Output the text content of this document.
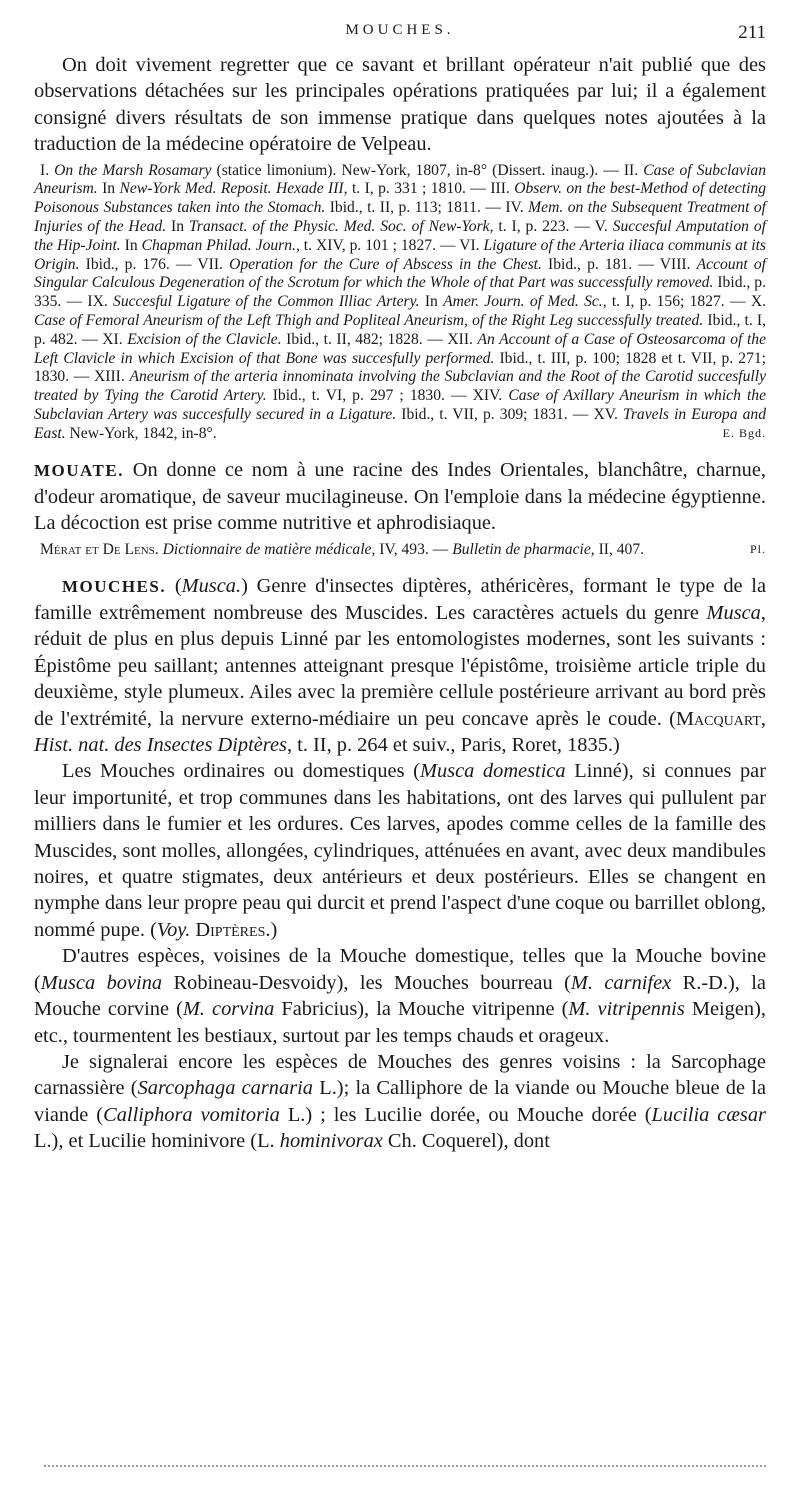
MOUCHES.	211

On doit vivement regretter que ce savant et brillant opérateur n'ait publié que des observations détachées sur les principales opérations pratiquées par lui; il a également consigné divers résultats de son immense pratique dans quelques notes ajoutées à la traduction de la médecine opératoire de Velpeau.

I. On the Marsh Rosamary (statice limonium). New-York, 1807, in-8° (Dissert. inaug.). — II. Case of Subclavian Aneurism. In New-York Med. Reposit. Hexade III, t. I, p. 331 ; 1810. — III. Observ. on the best-Method of detecting Poisonous Substances taken into the Stomach. Ibid., t. II, p. 113; 1811. — IV. Mem. on the Subsequent Treatment of Injuries of the Head. In Transact. of the Physic. Med. Soc. of New-York, t. I, p. 223. — V. Succesful Amputation of the Hip-Joint. In Chapman Philad. Journ., t. XIV, p. 101 ; 1827. — VI. Ligature of the Arteria iliaca communis at its Origin. Ibid., p. 176. — VII. Operation for the Cure of Abscess in the Chest. Ibid., p. 181. — VIII. Account of Singular Calculous Degeneration of the Scrotum for which the Whole of that Part was successfully removed. Ibid., p. 335. — IX. Succesful Ligature of the Common Illiac Artery. In Amer. Journ. of Med. Sc., t. I, p. 156; 1827. — X. Case of Femoral Aneurism of the Left Thigh and Popliteal Aneurism, of the Right Leg successfully treated. Ibid., t. I, p. 482. — XI. Excision of the Clavicle. Ibid., t. II, 482; 1828. — XII. An Account of a Case of Osteosarcoma of the Left Clavicle in which Excision of that Bone was succesfully performed. Ibid., t. III, p. 100; 1828 et t. VII, p. 271; 1830. — XIII. Aneurism of the arteria innominata involving the Subclavian and the Root of the Carotid succesfully treated by Tying the Carotid Artery. Ibid., t. VI, p. 297 ; 1830. — XIV. Case of Axillary Aneurism in which the Subclavian Artery was succesfully secured in a Ligature. Ibid., t. VII, p. 309; 1831. — XV. Travels in Europa and East. New-York, 1842, in-8°.	E. Bgd.

MOUATE. On donne ce nom à une racine des Indes Orientales, blanchâtre, charnue, d'odeur aromatique, de saveur mucilagineuse. On l'emploie dans la médecine égyptienne. La décoction est prise comme nutritive et aphrodisiaque.

Mérat et De Lens. Dictionnaire de matière médicale, IV, 493. — Bulletin de pharmacie, II, 407.	Pl.

MOUCHES. (Musca.) Genre d'insectes diptères, athéricères, formant le type de la famille extrêmement nombreuse des Muscides. Les caractères actuels du genre Musca, réduit de plus en plus depuis Linné par les entomologistes modernes, sont les suivants : Épistôme peu saillant; antennes atteignant presque l'épistôme, troisième article triple du deuxième, style plumeux. Ailes avec la première cellule postérieure arrivant au bord près de l'extrémité, la nervure externo-médiaire un peu concave après le coude. (Macquart, Hist. nat. des Insectes Diptères, t. II, p. 264 et suiv., Paris, Roret, 1835.)

Les Mouches ordinaires ou domestiques (Musca domestica Linné), si connues par leur importunité, et trop communes dans les habitations, ont des larves qui pullulent par milliers dans le fumier et les ordures. Ces larves, apodes comme celles de la famille des Muscides, sont molles, allongées, cylindriques, atténuées en avant, avec deux mandibules noires, et quatre stigmates, deux antérieurs et deux postérieurs. Elles se changent en nymphe dans leur propre peau qui durcit et prend l'aspect d'une coque ou barrillet oblong, nommé pupe. (Voy. Diptères.)

D'autres espèces, voisines de la Mouche domestique, telles que la Mouche bovine (Musca bovina Robineau-Desvoidy), les Mouches bourreau (M. carnifex R.-D.), la Mouche corvine (M. corvina Fabricius), la Mouche vitripenne (M. vitripennis Meigen), etc., tourmentent les bestiaux, surtout par les temps chauds et orageux.

Je signalerai encore les espèces de Mouches des genres voisins : la Sarcophage carnassière (Sarcophaga carnaria L.); la Calliphore de la viande ou Mouche bleue de la viande (Calliphora vomitoria L.) ; les Lucilie dorée, ou Mouche dorée (Lucilia cæsar L.), et Lucilie hominivore (L. hominivorax Ch. Coquerel), dont
